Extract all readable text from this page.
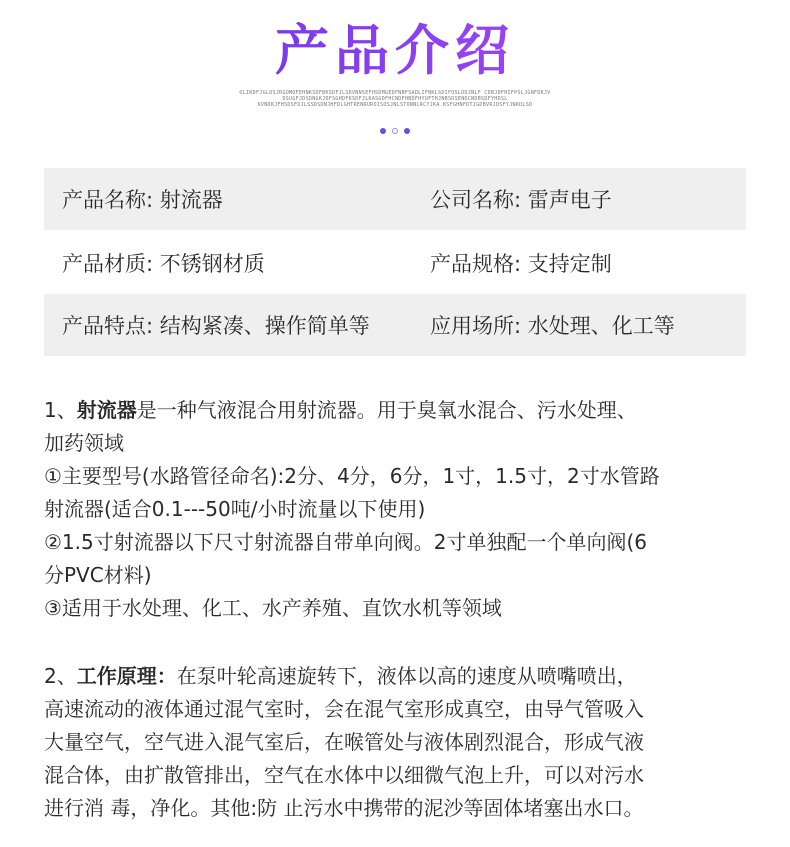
产品介绍
OLIKDFJGLDSJRGOMDFEHNKSDFBKSDFJLSDVNNSEFHSDMGEDFNBFSADLIFNKLSDIFOSLDDJNLF CDBJDFHIFPSLJGNFDKJV
DSUGFJDSDNGKJDFSGHDFKSDFJLKASGDFHCNDFHBDFHYUFTHJNBSDSENDCNDBSDFYHDSL
KVNDKJFHSDSFDJLSSDSDNJHFDLGHTRENRUROISOSJNLSTONNLRCYJKA.KSFGHNFDTJGDBVRJDSFYJNKDLSD
产品名称: 射流器	公司名称: 雷声电子
产品材质: 不锈钢材质	产品规格: 支持定制
产品特点: 结构紧凑、操作简单等	应用场所: 水处理、化工等
1、射流器是一种气液混合用射流器。用于臭氧水混合、污水处理、
加药领域
①主要型号(水路管径命名):2分、4分，6分，1寸，1.5寸，2寸水管路
射流器(适合0.1---50吨/小时流量以下使用)
②1.5寸射流器以下尺寸射流器自带单向阀。2寸单独配一个单向阀(6
分PVC材料)
③适用于水处理、化工、水产养殖、直饮水机等领域
2、工作原理：在泵叶轮高速旋转下，液体以高的速度从喷嘴喷出，
高速流动的液体通过混气室时，会在混气室形成真空，由导气管吸入
大量空气，空气进入混气室后，在喉管处与液体剧烈混合，形成气液
混合体，由扩散管排出，空气在水体中以细微气泡上升，可以对污水
进行消 毒，净化。其他:防 止污水中携带的泥沙等固体堵塞出水口。
